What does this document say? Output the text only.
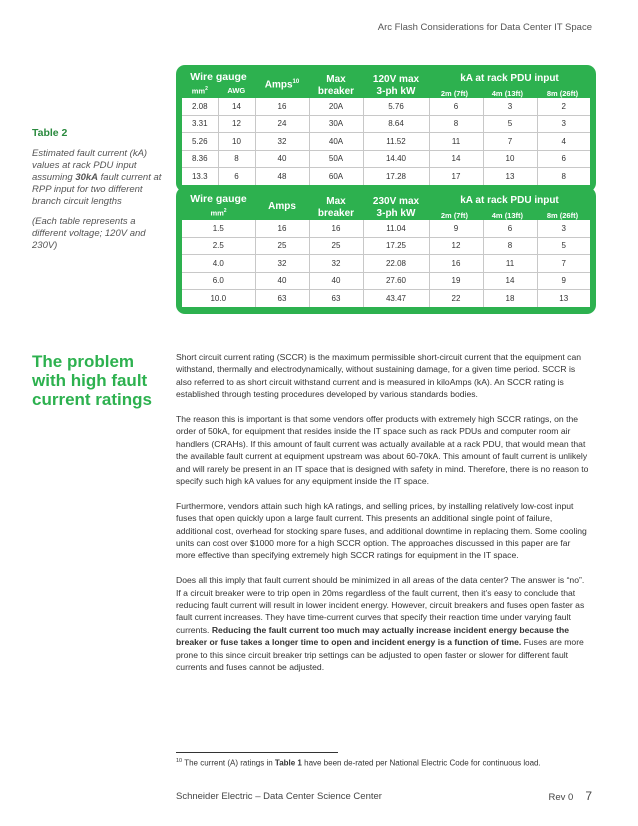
Arc Flash Considerations for Data Center IT Space
Table 2
Estimated fault current (kA) values at rack PDU input assuming 30kA fault current at RPP input for two different branch circuit lengths
(Each table represents a different voltage; 120V and 230V)
Wire gauge
$mm^2$	AWG
Amps$^{10}$	Max
breaker
120V max
3-ph kW
kA at rack PDU input
2m (7ft)	4m (13ft)	8m (26ft)
2.08	14	16	20A	5.76	6	3	2
3.31	12	24	30A	8.64	8	5	3
5.26	10	32	40A	11.52	11	7	4
8.36	8	40	50A	14.40	14	10	6
13.3	6	48	60A	17.28	17	13	8
Wire gauge
$mm^2$	Amps	Max
breaker
230V max
3-ph kW
kA at rack PDU input
2m (7ft)	4m (13ft)	8m (26ft)
1.5	16	16	11.04	9	6	3
2.5	25	25	17.25	12	8	5
4.0	32	32	22.08	16	11	7
6.0	40	40	27.60	19	14	9
10.0	63	63	43.47	22	18	13
The problem with high fault current ratings

Short circuit current rating (SCCR) is the maximum permissible short-circuit current that the equipment can withstand, thermally and electrodynamically, without sustaining damage, for a given time period. SCCR is also referred to as short circuit withstand current and is measured in kiloAmps (kA). An SCCR rating is established through testing procedures developed by various standards bodies.

The reason this is important is that some vendors offer products with extremely high SCCR ratings, on the order of 50kA, for equipment that resides inside the IT space such as rack PDUs and computer room air handlers (CRAHs). If this amount of fault current was actually available at a rack PDU, that would mean that the available fault current at equipment upstream was about 60-70kA. This amount of fault current is unlikely and will rarely be present in an IT space that is designed with safety in mind. Therefore, there is no reason to specify such high kA values for any equipment inside the IT space.

Furthermore, vendors attain such high kA ratings, and selling prices, by installing relatively low-cost input fuses that open quickly upon a large fault current. This presents an additional single point of failure, additional cost, overhead for stocking spare fuses, and additional downtime in replacing them. Some cooling units can cost over $1000 more for a high SCCR option. The approaches discussed in this paper are far more effective than specifying extremely high SCCR ratings for equipment in the IT space.

Does all this imply that fault current should be minimized in all areas of the data center? The answer is “no”. If a circuit breaker were to trip open in 20ms regardless of the fault current, then it’s easy to conclude that reducing fault current will result in lower incident energy. However, circuit breakers and fuses open faster as fault current increases. They have time-current curves that specify their reaction time under varying fault currents. Reducing the fault current too much may actually increase incident energy because the breaker or fuse takes a longer time to open and incident energy is a function of time. Fuses are more prone to this since circuit breaker trip settings can be adjusted to open faster or slower for different fault currents and fuses cannot be adjusted.

$^{10}$ The current (A) ratings in Table 1 have been de-rated per National Electric Code for continuous load.
Schneider Electric – Data Center Science Center	Rev 0 7
